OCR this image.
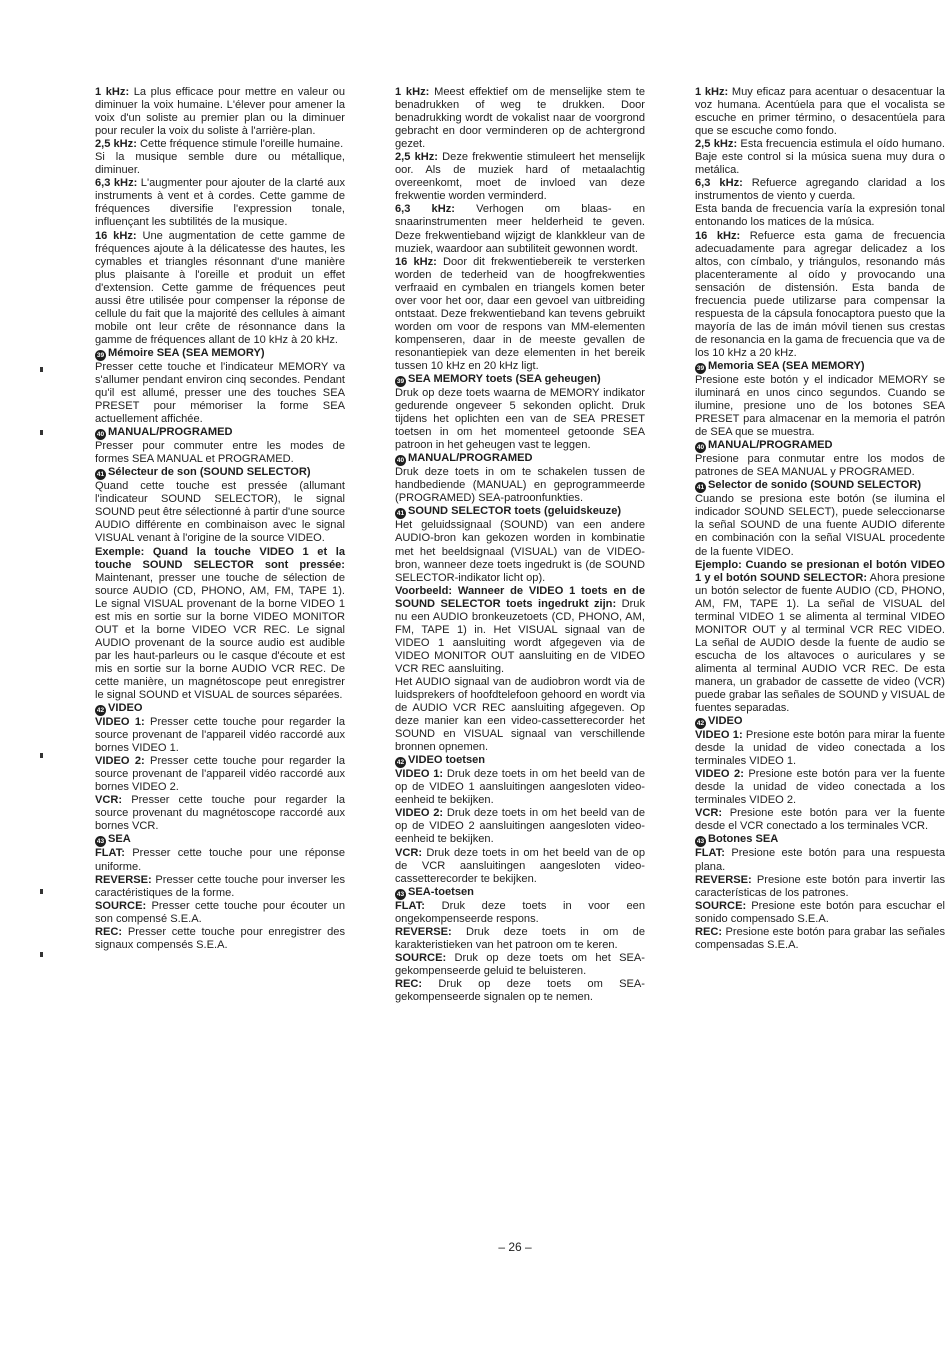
1 kHz: La plus efficace pour mettre en valeur ou diminuer la voix humaine. L'élever pour amener la voix d'un soliste au premier plan ou la diminuer pour reculer la voix du soliste à l'arrière-plan.

2,5 kHz: Cette fréquence stimule l'oreille humaine.

Si la musique semble dure ou métallique, diminuer.

6,3 kHz: L'augmenter pour ajouter de la clarté aux instruments à vent et à cordes. Cette gamme de fréquences diversifie l'expression tonale, influençant les subtilités de la musique.

16 kHz: Une augmentation de cette gamme de fréquences ajoute à la délicatesse des hautes, les cymables et triangles résonnant d'une manière plus plaisante à l'oreille et produit un effet d'extension. Cette gamme de fréquences peut aussi être utilisée pour compenser la réponse de cellule du fait que la majorité des cellules à aimant mobile ont leur crête de résonnance dans la gamme de fréquences allant de 10 kHz à 20 kHz.

39 Mémoire SEA (SEA MEMORY)

Presser cette touche et l'indicateur MEMORY va s'allumer pendant environ cinq secondes. Pendant qu'il est allumé, presser une des touches SEA PRESET pour mémoriser la forme SEA actuellement affichée.

40 MANUAL/PROGRAMED

Presser pour commuter entre les modes de formes SEA MANUAL et PROGRAMED.

41 Sélecteur de son (SOUND SELECTOR)

Quand cette touche est pressée (allumant l'indicateur SOUND SELECTOR), le signal SOUND peut être sélectionné à partir d'une source AUDIO différente en combinaison avec le signal VISUAL venant à l'origine de la source VIDEO.

Exemple: Quand la touche VIDEO 1 et la touche SOUND SELECTOR sont pressée: Maintenant, presser une touche de sélection de source AUDIO (CD, PHONO, AM, FM, TAPE 1). Le signal VISUAL provenant de la borne VIDEO 1 est mis en sortie sur la borne VIDEO MONITOR OUT et la borne VIDEO VCR REC. Le signal AUDIO provenant de la source audio est audible par les haut-parleurs ou le casque d'écoute et est mis en sortie sur la borne AUDIO VCR REC. De cette manière, un magnétoscope peut enregistrer le signal SOUND et VISUAL de sources séparées.

42 VIDEO

VIDEO 1: Presser cette touche pour regarder la source provenant de l'appareil vidéo raccordé aux bornes VIDEO 1.

VIDEO 2: Presser cette touche pour regarder la source provenant de l'appareil vidéo raccordé aux bornes VIDEO 2.

VCR: Presser cette touche pour regarder la source provenant du magnétoscope raccordé aux bornes VCR.

43 SEA

FLAT: Presser cette touche pour une réponse uniforme.

REVERSE: Presser cette touche pour inverser les caractéristiques de la forme.

SOURCE: Presser cette touche pour écouter un son compensé S.E.A.

REC: Presser cette touche pour enregistrer des signaux compensés S.E.A.

1 kHz: Meest effektief om de menselijke stem te benadrukken of weg te drukken. Door benadrukking wordt de vokalist naar de voorgrond gebracht en door verminderen op de achtergrond gezet.

2,5 kHz: Deze frekwentie stimuleert het menselijk oor. Als de muziek hard of metaalachtig overeenkomt, moet de invloed van deze frekwentie worden verminderd.

6,3 kHz: Verhogen om blaas- en snaarinstrumenten meer helderheid te geven. Deze frekwentieband wijzigt de klankkleur van de muziek, waardoor aan subtiliteit gewonnen wordt.

16 kHz: Door dit frekwentiebereik te versterken worden de tederheid van de hoogfrekwenties verfraaid en cymbalen en triangels komen beter over voor het oor, daar een gevoel van uitbreiding ontstaat. Deze frekwentieband kan tevens gebruikt worden om voor de respons van MM-elementen kompenseren, daar in de meeste gevallen de resonantiepiek van deze elementen in het bereik tussen 10 kHz en 20 kHz ligt.

39 SEA MEMORY toets (SEA geheugen)

Druk op deze toets waarna de MEMORY indikator gedurende ongeveer 5 sekonden oplicht. Druk tijdens het oplichten een van de SEA PRESET toetsen in om het momenteel getoonde SEA patroon in het geheugen vast te leggen.

40 MANUAL/PROGRAMED

Druk deze toets in om te schakelen tussen de handbediende (MANUAL) en geprogrammeerde (PROGRAMED) SEA-patroonfunkties.

41 SOUND SELECTOR toets (geluidskeuze)

Het geluidssignaal (SOUND) van een andere AUDIO-bron kan gekozen worden in kombinatie met het beeldsignaal (VISUAL) van de VIDEO-bron, wanneer deze toets ingedrukt is (de SOUND SELECTOR-indikator licht op).

Voorbeeld: Wanneer de VIDEO 1 toets en de SOUND SELECTOR toets ingedrukt zijn: Druk nu een AUDIO bronkeuzetoets (CD, PHONO, AM, FM, TAPE 1) in. Het VISUAL signaal van de VIDEO 1 aansluiting wordt afgegeven via de VIDEO MONITOR OUT aansluiting en de VIDEO VCR REC aansluiting.

Het AUDIO signaal van de audiobron wordt via de luidsprekers of hoofdtelefoon gehoord en wordt via de AUDIO VCR REC aansluiting afgegeven. Op deze manier kan een video-cassetterecorder het SOUND en VISUAL signaal van verschillende bronnen opnemen.

42 VIDEO toetsen

VIDEO 1: Druk deze toets in om het beeld van de op de VIDEO 1 aansluitingen aangesloten video-eenheid te bekijken.

VIDEO 2: Druk deze toets in om het beeld van de op de VIDEO 2 aansluitingen aangesloten video-eenheid te bekijken.

VCR: Druk deze toets in om het beeld van de op de VCR aansluitingen aangesloten video-cassetterecorder te bekijken.

43 SEA-toetsen

FLAT: Druk deze toets in voor een ongekompenseerde respons.

REVERSE: Druk deze toets in om de karakteristieken van het patroon om te keren.

SOURCE: Druk op deze toets om het SEA-gekompenseerde geluid te beluisteren.

REC: Druk op deze toets om SEA-gekompenseerde signalen op te nemen.

1 kHz: Muy eficaz para acentuar o desacentuar la voz humana. Acentúela para que el vocalista se escuche en primer término, o desacentúela para que se escuche como fondo.

2,5 kHz: Esta frecuencia estimula el oído humano. Baje este control si la música suena muy dura o metálica.

6,3 kHz: Refuerce agregando claridad a los instrumentos de viento y cuerda.

Esta banda de frecuencia varía la expresión tonal entonando los matices de la música.

16 kHz: Refuerce esta gama de frecuencia adecuadamente para agregar delicadez a los altos, con címbalo, y triángulos, resonando más placenteramente al oído y provocando una sensación de distensión. Esta banda de frecuencia puede utilizarse para compensar la respuesta de la cápsula fonocaptora puesto que la mayoría de las de imán móvil tienen sus crestas de resonancia en la gama de frecuencia que va de los 10 kHz a 20 kHz.

39 Memoria SEA (SEA MEMORY)

Presione este botón y el indicador MEMORY se iluminará en unos cinco segundos. Cuando se ilumine, presione uno de los botones SEA PRESET para almacenar en la memoria el patrón de SEA que se muestra.

40 MANUAL/PROGRAMED

Presione para conmutar entre los modos de patrones de SEA MANUAL y PROGRAMED.

41 Selector de sonido (SOUND SELECTOR)

Cuando se presiona este botón (se ilumina el indicador SOUND SELECT), puede seleccionarse la señal SOUND de una fuente AUDIO diferente en combinación con la señal VISUAL procedente de la fuente VIDEO.

Ejemplo: Cuando se presionan el botón VIDEO 1 y el botón SOUND SELECTOR: Ahora presione un botón selector de fuente AUDIO (CD, PHONO, AM, FM, TAPE 1). La señal de VISUAL del terminal VIDEO 1 se alimenta al terminal VIDEO MONITOR OUT y al terminal VCR REC VIDEO. La señal de AUDIO desde la fuente de audio se escucha de los altavoces o auriculares y se alimenta al terminal AUDIO VCR REC. De esta manera, un grabador de cassette de video (VCR) puede grabar las señales de SOUND y VISUAL de fuentes separadas.

42 VIDEO

VIDEO 1: Presione este botón para mirar la fuente desde la unidad de video conectada a los terminales VIDEO 1.

VIDEO 2: Presione este botón para ver la fuente desde la unidad de video conectada a los terminales VIDEO 2.

VCR: Presione este botón para ver la fuente desde el VCR conectado a los terminales VCR.

43 Botones SEA

FLAT: Presione este botón para una respuesta plana.

REVERSE: Presione este botón para invertir las características de los patrones.

SOURCE: Presione este botón para escuchar el sonido compensado S.E.A.

REC: Presione este botón para grabar las señales compensadas S.E.A.

– 26 –
